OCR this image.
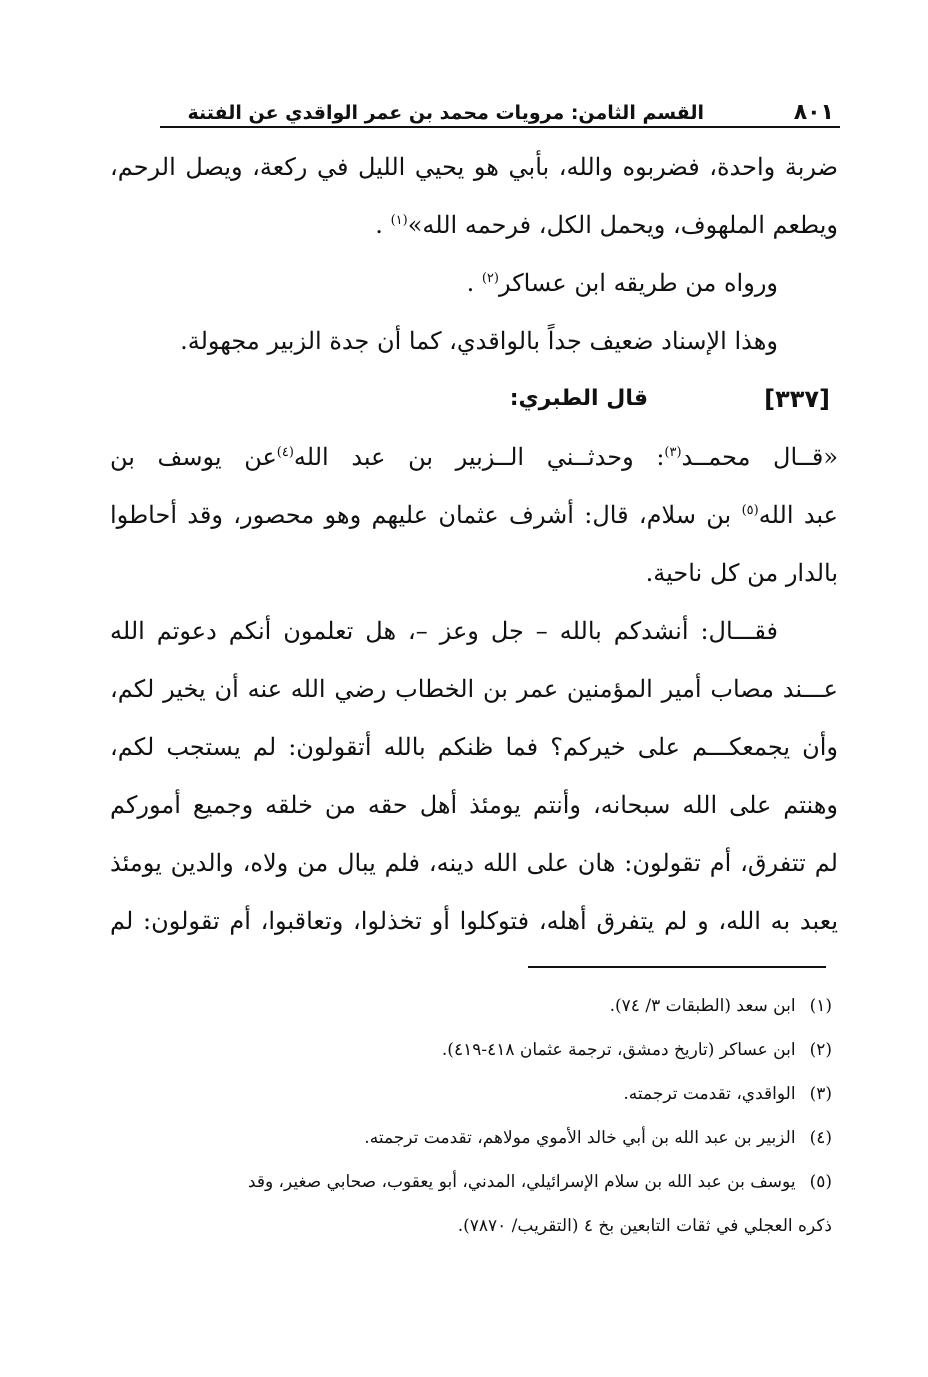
٨٠١
القسم الثامن: مرويات محمد بن عمر الواقدي عن الفتنة
ضربة واحدة، فضربوه والله، بأبي هو يحيي الليل في ركعة، ويصل الرحم،
ويطعم الملهوف، ويحمل الكل، فرحمه الله»$^{(١)}$ .
ورواه من طريقه ابن عساكر$^{(٢)}$ .
وهذا الإسناد ضعيف جداً بالواقدي، كما أن جدة الزبير مجهولة.
[٣٣٧]
قال الطبري:
«قــال محمــد$^{(٣)}$: وحدثــني الــزبير بن عبد الله$^{(٤)}$عن يوسف بن
عبد الله$^{(٥)}$ بن سلام، قال: أشرف عثمان عليهم وهو محصور، وقد أحاطوا
بالدار من كل ناحية.
فقـــال: أنشدكم بالله – جل وعز –، هل تعلمون أنكم دعوتم الله
عـــند مصاب أمير المؤمنين عمر بن الخطاب رضي الله عنه أن يخير لكم،
وأن يجمعكـــم على خيركم؟ فما ظنكم بالله أتقولون: لم يستجب لكم،
وهنتم على الله سبحانه، وأنتم يومئذ أهل حقه من خلقه وجميع أموركم
لم تتفرق، أم تقولون: هان على الله دينه، فلم يبال من ولاه، والدين يومئذ
يعبد به الله، و لم يتفرق أهله، فتوكلوا أو تخذلوا، وتعاقبوا، أم تقولون: لم
(١)ابن سعد (الطبقات ٣/ ٧٤).
(٢)ابن عساكر (تاريخ دمشق، ترجمة عثمان ٤١٨-٤١٩).
(٣)الواقدي، تقدمت ترجمته.
(٤)الزبير بن عبد الله بن أبي خالد الأموي مولاهم، تقدمت ترجمته.
(٥)يوسف بن عبد الله بن سلام الإسرائيلي، المدني، أبو يعقوب، صحابي صغير، وقد
ذكره العجلي في ثقات التابعين بخ ٤ (التقريب/ ٧٨٧٠).
